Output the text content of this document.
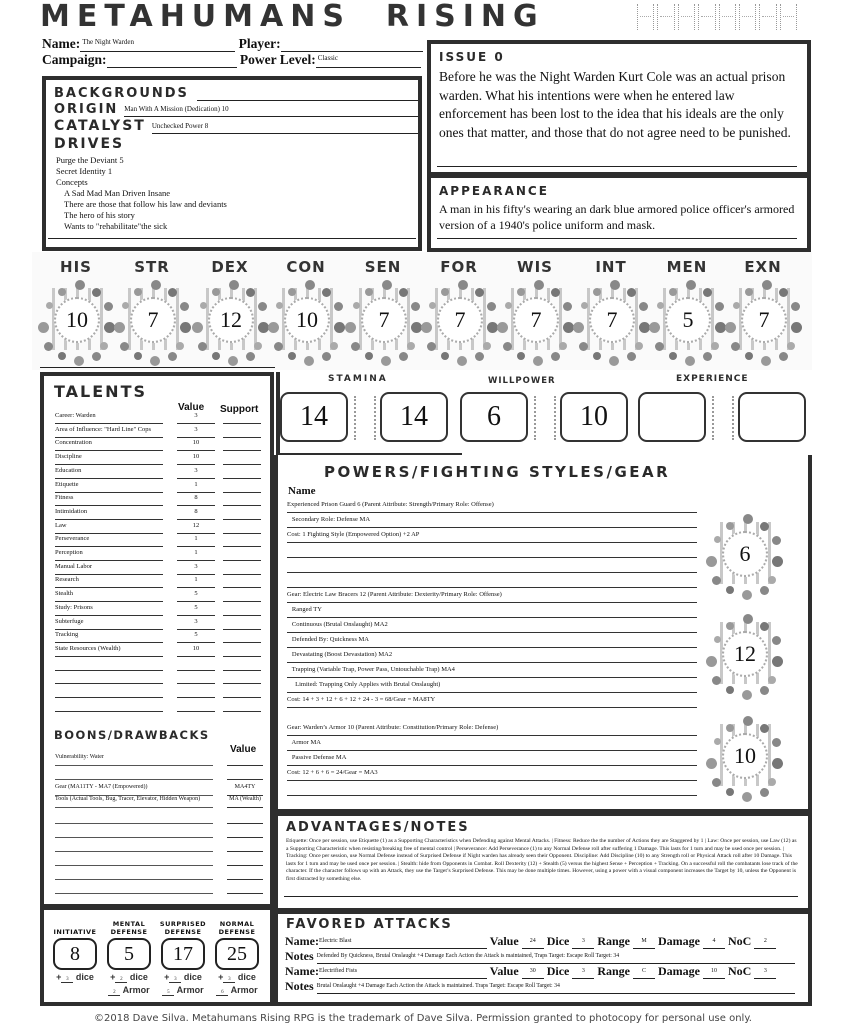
METAHUMANS RISING
Name: The Night Warden	Player:
Campaign:	Power Level: Classic
BACKGROUNDS
ORIGIN Man With A Mission (Dedication) 10
CATALYST Unchecked Power 8
DRIVES
Purge the Deviant 5
Secret Identity 1
Concepts
A Sad Mad Man Driven Insane
There are those that follow his law and deviants
The hero of his story
Wants to "rehabilitate"the sick
ISSUE 0
Before he was the Night Warden Kurt Cole was an actual prison warden. What his intentions were when he entered law enforcement has been lost to the idea that his ideals are the only ones that matter, and those that do not agree need to be punished.
APPEARANCE
A man in his fifty's wearing an dark blue armored police officer's armored version of a 1940's police uniform and mask.
HIS
10
STR
7
DEX
12
CON
10
SEN
7
FOR
7
WIS
7
INT
7
MEN
5
EXN
7
TALENTS
Value Support
BOONS/DRAWBACKS
Value
Career: Warden	3
Area of Influence: "Hard Line" Cops	3
Concentration	10
Discipline	10
Education	3
Etiquette	1
Fitness	8
Intimidation	8
Law	12
Perseverance	1
Perception	1
Manual Labor	3
Research	1
Stealth	5
Study: Prisons	5
Subterfuge	3
Tracking	5
State Resources (Wealth)	10
Vulnerability: Water
Gear (MA11TY - MA7 (Empowered))	MA4TY
Tools (Actual Tools, Bug, Tracer, Elevator, Hidden Weapon)	MA (Wealth)
STAMINA
14	14
WILLPOWER
6	10
EXPERIENCE
POWERS/FIGHTING STYLES/GEAR
Name
Experienced Prison Guard 6 (Parent Attribute: Strength/Primary Role: Offense)
Secondary Role: Defense MA
Cost: 1 Fighting Style (Empowered Option) +2 AP
6
Gear: Electric Law Bracers 12 (Parent Attribute: Dexterity/Primary Role: Offense)
Ranged TY
Continuous (Brutal Onslaught) MA2
Defended By: Quickness MA
Devastating (Boost Devastation) MA2
Trapping (Variable Trap, Power Pass, Untouchable Trap) MA4
Limited: Trapping Only Applies with Brutal Onslaught)
Cost: 14 + 3 + 12 + 6 + 12 + 24 - 3 = 68/Gear = MA8TY
12
Gear: Warden’s Armor 10 (Parent Attribute: Constitution/Primary Role: Defense)
Armor MA
Passive Defense MA
Cost: 12 + 6 + 6 = 24/Gear = MA3
10
ADVANTAGES/NOTES
Etiquette: Once per session, use Etiquette (1) as a Supporting Characteristics when Defending against Mental Attacks. | Fitness: Reduce the the number of Actions they are Staggered by 1 | Law: Once per session, use Law (12) as a Supporting Characteristic when resisting/breaking free of mental control | Perseverance: Add Perseverance (1) to any Normal Defense roll after suffering 1 Damage. This lasts for 1 turn and may be used once per session. | Tracking: Once per session, use Normal Defense instead of Surprised Defense if Night warden has already seen their Opponent. Discipline: Add Discipline (10) to any Strength roll or Physical Attack roll after 10 Damage. This lasts for 1 turn and may be used once per session. | Stealth: hide from Opponents in Combat. Roll Dexterity (12) + Stealth (5) versus the highest Sense + Perception + Tracking. On a successful roll the combatants lose track of the character. If the character follows up with an Attack, they use the Target’s Surprised Defense. This may be done multiple times. However, using a power with a visual component increases the Target by 10, unless the Opponent is first distracted by something else.
INITIATIVE
8
+ 3 dice
MENTAL DEFENSE
5
+ 2 dice
2 Armor
SURPRISED DEFENSE
17
+ 3 dice
5 Armor
NORMAL DEFENSE
25
+ 3 dice
6 Armor
FAVORED ATTACKS
Name:Electric Blast	Value 24 Dice 3 Range M Damage 4 NoC 2
Notes Defended By Quickness, Brutal Onslaught +4 Damage Each Action the Attack is maintained, Traps Target: Escape Roll Target: 34
Name:Electrified Fists	Value 30 Dice 3 Range C Damage 10 NoC 3
Notes Brutal Onslaught +4 Damage Each Action the Attack is maintained. Traps Target: Escape Roll Target: 34
©2018 Dave Silva. Metahumans Rising RPG is the trademark of Dave Silva. Permission granted to photocopy for personal use only.
